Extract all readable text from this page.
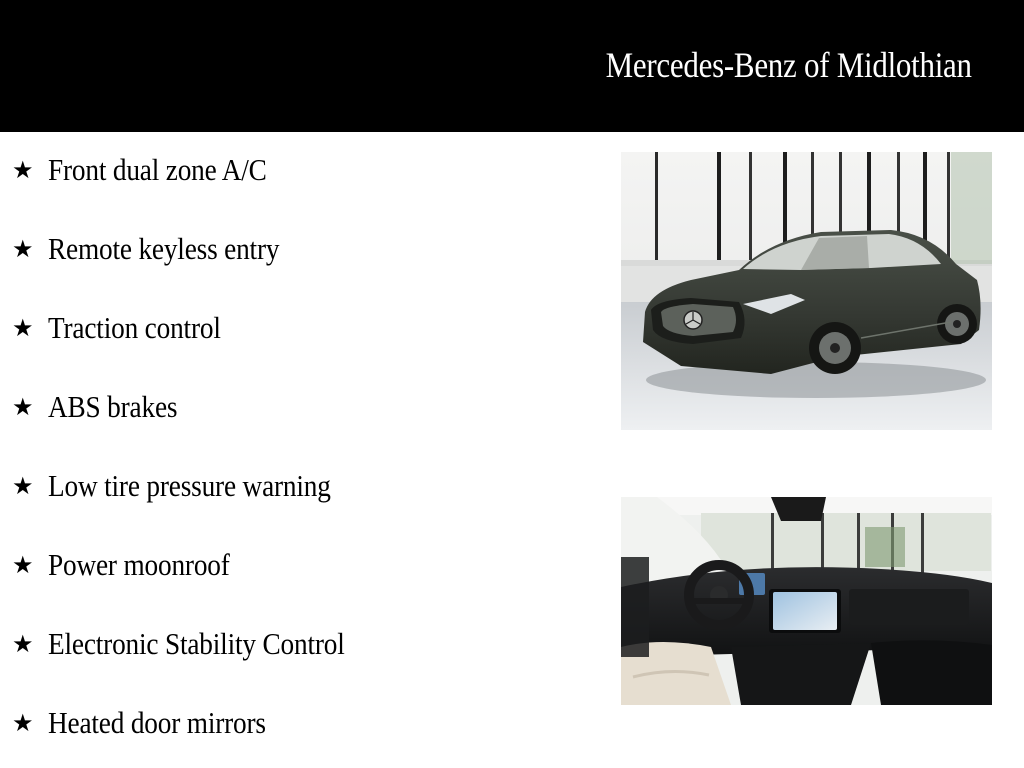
Mercedes-Benz of Midlothian
★ Front dual zone A/C
★ Remote keyless entry
★ Traction control
★ ABS brakes
★ Low tire pressure warning
★ Power moonroof
★ Electronic Stability Control
★ Heated door mirrors
